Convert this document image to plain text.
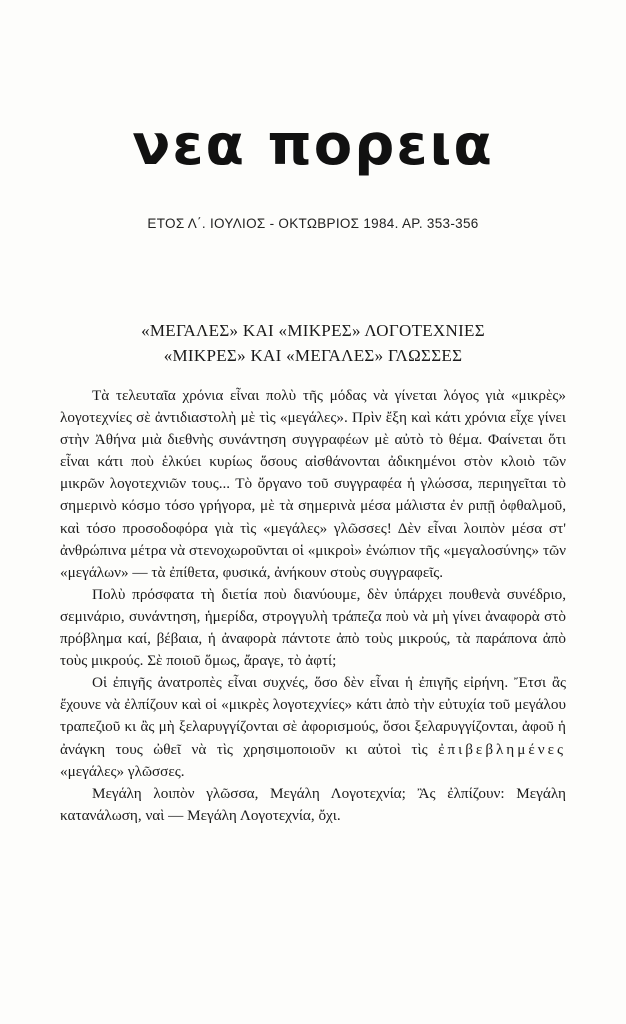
νεα πορεια
ΕΤΟΣ Λ΄. ΙΟΥΛΙΟΣ - ΟΚΤΩΒΡΙΟΣ 1984. ΑΡ. 353-356
«ΜΕΓΑΛΕΣ» ΚΑΙ «ΜΙΚΡΕΣ» ΛΟΓΟΤΕΧΝΙΕΣ
«ΜΙΚΡΕΣ» ΚΑΙ «ΜΕΓΑΛΕΣ» ΓΛΩΣΣΕΣ

Τὰ τελευταῖα χρόνια εἶναι πολὺ τῆς μόδας νὰ γίνεται λόγος γιὰ «μικρὲς» λογοτεχνίες σὲ ἀντιδιαστολὴ μὲ τὶς «μεγάλες». Πρὶν ἔξη καὶ κάτι χρόνια εἶχε γίνει στὴν Ἀθήνα μιὰ διεθνὴς συνάντηση συγγραφέων μὲ αὐτὸ τὸ θέμα. Φαίνεται ὅτι εἶναι κάτι ποὺ ἑλκύει κυρίως ὅσους αἰσθάνονται ἀδικημένοι στὸν κλοιὸ τῶν μικρῶν λογοτεχνιῶν τους... Τὸ ὄργανο τοῦ συγγραφέα ἡ γλώσσα, περιηγεῖται τὸ σημερινὸ κόσμο τόσο γρήγορα, μὲ τὰ σημερινὰ μέσα μάλιστα ἐν ριπῇ ὀφθαλμοῦ, καὶ τόσο προσοδοφόρα γιὰ τὶς «μεγάλες» γλῶσσες! Δὲν εἶναι λοιπὸν μέσα στ' ἀνθρώπινα μέτρα νὰ στενοχωροῦνται οἱ «μικροὶ» ἐνώπιον τῆς «μεγαλοσύνης» τῶν «μεγάλων» — τὰ ἐπίθετα, φυσικά, ἀνήκουν στοὺς συγγραφεῖς.

Πολὺ πρόσφατα τὴ διετία ποὺ διανύουμε, δὲν ὑπάρχει πουθενὰ συνέδριο, σεμινάριο, συνάντηση, ἡμερίδα, στρογγυλὴ τράπεζα ποὺ νὰ μὴ γίνει ἀναφορὰ στὸ πρόβλημα καί, βέβαια, ἡ ἀναφορὰ πάντοτε ἀπὸ τοὺς μικρούς, τὰ παράπονα ἀπὸ τοὺς μικρούς. Σὲ ποιοῦ ὅμως, ἄραγε, τὸ ἀφτί;

Οἱ ἐπιγῆς ἀνατροπὲς εἶναι συχνές, ὅσο δὲν εἶναι ἡ ἐπιγῆς εἰρήνη. Ἔτσι ἂς ἔχουνε νὰ ἐλπίζουν καὶ οἱ «μικρὲς λογοτεχνίες» κάτι ἀπὸ τὴν εὐτυχία τοῦ μεγάλου τραπεζιοῦ κι ἂς μὴ ξελαρυγγίζονται σὲ ἀφορισμούς, ὅσοι ξελαρυγγίζονται, ἀφοῦ ἡ ἀνάγκη τους ὠθεῖ νὰ τὶς χρησιμοποιοῦν κι αὐτοὶ τὶς ἐπιβεβλημένες «μεγάλες» γλῶσσες.

Μεγάλη λοιπὸν γλῶσσα, Μεγάλη Λογοτεχνία; Ἂς ἐλπίζουν: Μεγάλη κατανάλωση, ναὶ — Μεγάλη Λογοτεχνία, ὄχι.
